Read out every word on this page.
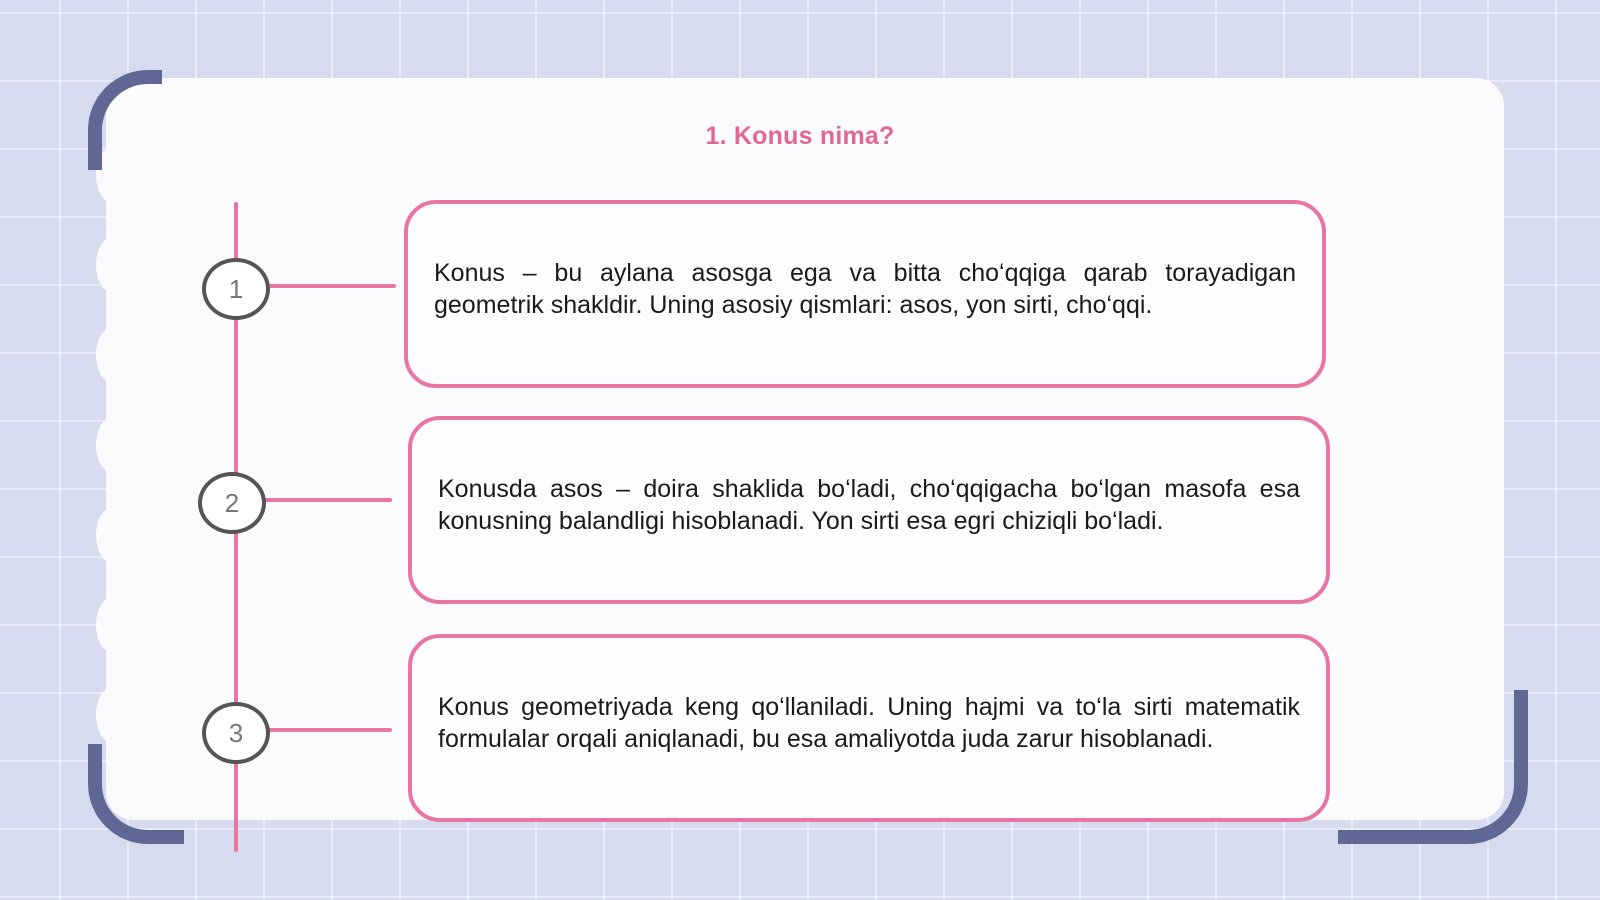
1. Konus nima?
1

Konus – bu aylana asosga ega va bitta cho‘qqiga qarab torayadigan geometrik shakldir. Uning asosiy qismlari: asos, yon sirti, cho‘qqi.

2	Konusda asos – doira shaklida bo‘ladi, cho‘qqigacha bo‘lgan masofa esa konusning balandligi hisoblanadi. Yon sirti esa egri chiziqli bo‘ladi.

3

Konus geometriyada keng qo‘llaniladi. Uning hajmi va to‘la sirti matematik formulalar orqali aniqlanadi, bu esa amaliyotda juda zarur hisoblanadi.
